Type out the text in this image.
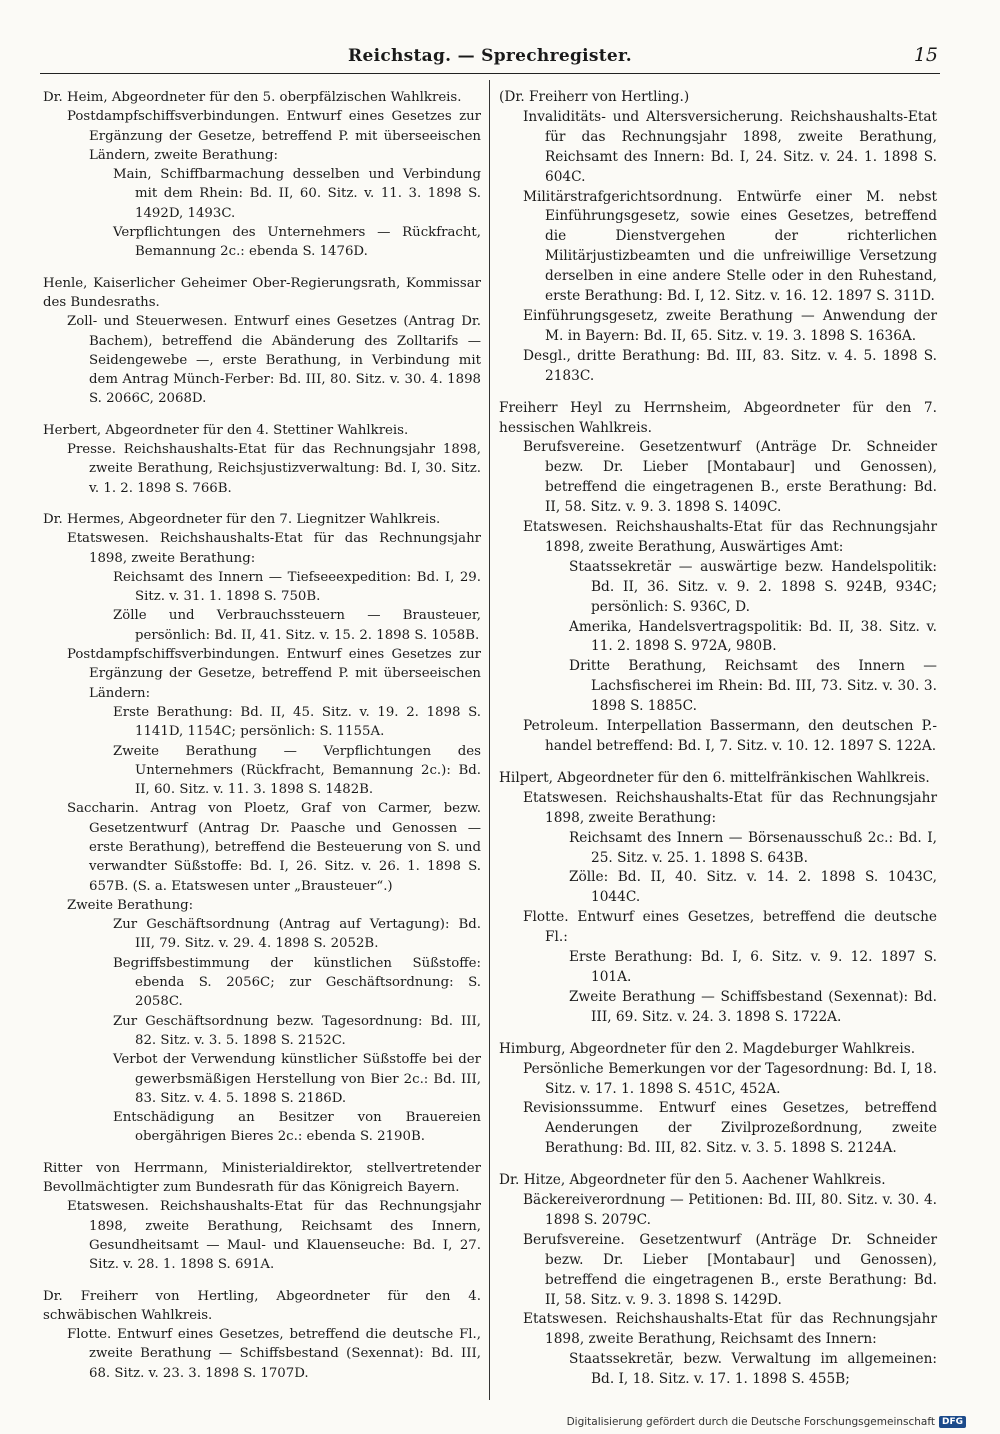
Reichstag. — Sprechregister.	15
Dr. Heim, Abgeordneter für den 5. oberpfälzischen Wahlkreis.
Postdampfschiffsverbindungen. Entwurf eines Gesetzes zur Ergänzung der Gesetze, betreffend P. mit überseeischen Ländern, zweite Berathung:
Main, Schiffbarmachung desselben und Verbindung mit dem Rhein: Bd. II, 60. Sitz. v. 11. 3. 1898 S. 1492D, 1493C.
Verpflichtungen des Unternehmers — Rückfracht, Bemannung 2c.: ebenda S. 1476D.
Henle, Kaiserlicher Geheimer Ober-Regierungsrath, Kommissar des Bundesraths.
Zoll- und Steuerwesen. Entwurf eines Gesetzes (Antrag Dr. Bachem), betreffend die Abänderung des Zolltarifs — Seidengewebe —, erste Berathung, in Verbindung mit dem Antrag Münch-Ferber: Bd. III, 80. Sitz. v. 30. 4. 1898 S. 2066C, 2068D.
Herbert, Abgeordneter für den 4. Stettiner Wahlkreis.
Presse. Reichshaushalts-Etat für das Rechnungsjahr 1898, zweite Berathung, Reichsjustizverwaltung: Bd. I, 30. Sitz. v. 1. 2. 1898 S. 766B.
Dr. Hermes, Abgeordneter für den 7. Liegnitzer Wahlkreis.
Etatswesen. Reichshaushalts-Etat für das Rechnungsjahr 1898, zweite Berathung:
Reichsamt des Innern — Tiefseeexpedition: Bd. I, 29. Sitz. v. 31. 1. 1898 S. 750B.
Zölle und Verbrauchssteuern — Brausteuer, persönlich: Bd. II, 41. Sitz. v. 15. 2. 1898 S. 1058B.
Postdampfschiffsverbindungen. Entwurf eines Gesetzes zur Ergänzung der Gesetze, betreffend P. mit überseeischen Ländern:
Erste Berathung: Bd. II, 45. Sitz. v. 19. 2. 1898 S. 1141D, 1154C; persönlich: S. 1155A.
Zweite Berathung — Verpflichtungen des Unternehmers (Rückfracht, Bemannung 2c.): Bd. II, 60. Sitz. v. 11. 3. 1898 S. 1482B.
Saccharin. Antrag von Ploetz, Graf von Carmer, bezw. Gesetzentwurf (Antrag Dr. Paasche und Genossen — erste Berathung), betreffend die Besteuerung von S. und verwandter Süßstoffe: Bd. I, 26. Sitz. v. 26. 1. 1898 S. 657B. (S. a. Etatswesen unter „Brausteuer“.)
Zweite Berathung:
Zur Geschäftsordnung (Antrag auf Vertagung): Bd. III, 79. Sitz. v. 29. 4. 1898 S. 2052B.
Begriffsbestimmung der künstlichen Süßstoffe: ebenda S. 2056C; zur Geschäftsordnung: S. 2058C.
Zur Geschäftsordnung bezw. Tagesordnung: Bd. III, 82. Sitz. v. 3. 5. 1898 S. 2152C.
Verbot der Verwendung künstlicher Süßstoffe bei der gewerbsmäßigen Herstellung von Bier 2c.: Bd. III, 83. Sitz. v. 4. 5. 1898 S. 2186D.
Entschädigung an Besitzer von Brauereien obergährigen Bieres 2c.: ebenda S. 2190B.
Ritter von Herrmann, Ministerialdirektor, stellvertretender Bevollmächtigter zum Bundesrath für das Königreich Bayern.
Etatswesen. Reichshaushalts-Etat für das Rechnungsjahr 1898, zweite Berathung, Reichsamt des Innern, Gesundheitsamt — Maul- und Klauenseuche: Bd. I, 27. Sitz. v. 28. 1. 1898 S. 691A.
Dr. Freiherr von Hertling, Abgeordneter für den 4. schwäbischen Wahlkreis.
Flotte. Entwurf eines Gesetzes, betreffend die deutsche Fl., zweite Berathung — Schiffsbestand (Sexennat): Bd. III, 68. Sitz. v. 23. 3. 1898 S. 1707D.
(Dr. Freiherr von Hertling.)
Invaliditäts- und Altersversicherung. Reichshaushalts-Etat für das Rechnungsjahr 1898, zweite Berathung, Reichsamt des Innern: Bd. I, 24. Sitz. v. 24. 1. 1898 S. 604C.
Militärstrafgerichtsordnung. Entwürfe einer M. nebst Einführungsgesetz, sowie eines Gesetzes, betreffend die Dienstvergehen der richterlichen Militärjustizbeamten und die unfreiwillige Versetzung derselben in eine andere Stelle oder in den Ruhestand, erste Berathung: Bd. I, 12. Sitz. v. 16. 12. 1897 S. 311D.
Einführungsgesetz, zweite Berathung — Anwendung der M. in Bayern: Bd. II, 65. Sitz. v. 19. 3. 1898 S. 1636A.
Desgl., dritte Berathung: Bd. III, 83. Sitz. v. 4. 5. 1898 S. 2183C.
Freiherr Heyl zu Herrnsheim, Abgeordneter für den 7. hessischen Wahlkreis.
Berufsvereine. Gesetzentwurf (Anträge Dr. Schneider bezw. Dr. Lieber [Montabaur] und Genossen), betreffend die eingetragenen B., erste Berathung: Bd. II, 58. Sitz. v. 9. 3. 1898 S. 1409C.
Etatswesen. Reichshaushalts-Etat für das Rechnungsjahr 1898, zweite Berathung, Auswärtiges Amt:
Staatssekretär — auswärtige bezw. Handelspolitik: Bd. II, 36. Sitz. v. 9. 2. 1898 S. 924B, 934C; persönlich: S. 936C, D.
Amerika, Handelsvertragspolitik: Bd. II, 38. Sitz. v. 11. 2. 1898 S. 972A, 980B.
Dritte Berathung, Reichsamt des Innern — Lachsfischerei im Rhein: Bd. III, 73. Sitz. v. 30. 3. 1898 S. 1885C.
Petroleum. Interpellation Bassermann, den deutschen P.-handel betreffend: Bd. I, 7. Sitz. v. 10. 12. 1897 S. 122A.
Hilpert, Abgeordneter für den 6. mittelfränkischen Wahlkreis.
Etatswesen. Reichshaushalts-Etat für das Rechnungsjahr 1898, zweite Berathung:
Reichsamt des Innern — Börsenausschuß 2c.: Bd. I, 25. Sitz. v. 25. 1. 1898 S. 643B.
Zölle: Bd. II, 40. Sitz. v. 14. 2. 1898 S. 1043C, 1044C.
Flotte. Entwurf eines Gesetzes, betreffend die deutsche Fl.:
Erste Berathung: Bd. I, 6. Sitz. v. 9. 12. 1897 S. 101A.
Zweite Berathung — Schiffsbestand (Sexennat): Bd. III, 69. Sitz. v. 24. 3. 1898 S. 1722A.
Himburg, Abgeordneter für den 2. Magdeburger Wahlkreis.
Persönliche Bemerkungen vor der Tagesordnung: Bd. I, 18. Sitz. v. 17. 1. 1898 S. 451C, 452A.
Revisionssumme. Entwurf eines Gesetzes, betreffend Aenderungen der Zivilprozeßordnung, zweite Berathung: Bd. III, 82. Sitz. v. 3. 5. 1898 S. 2124A.
Dr. Hitze, Abgeordneter für den 5. Aachener Wahlkreis.
Bäckereiverordnung — Petitionen: Bd. III, 80. Sitz. v. 30. 4. 1898 S. 2079C.
Berufsvereine. Gesetzentwurf (Anträge Dr. Schneider bezw. Dr. Lieber [Montabaur] und Genossen), betreffend die eingetragenen B., erste Berathung: Bd. II, 58. Sitz. v. 9. 3. 1898 S. 1429D.
Etatswesen. Reichshaushalts-Etat für das Rechnungsjahr 1898, zweite Berathung, Reichsamt des Innern:
Staatssekretär, bezw. Verwaltung im allgemeinen: Bd. I, 18. Sitz. v. 17. 1. 1898 S. 455B;
Digitalisierung gefördert durch die Deutsche Forschungsgemeinschaft DFG
